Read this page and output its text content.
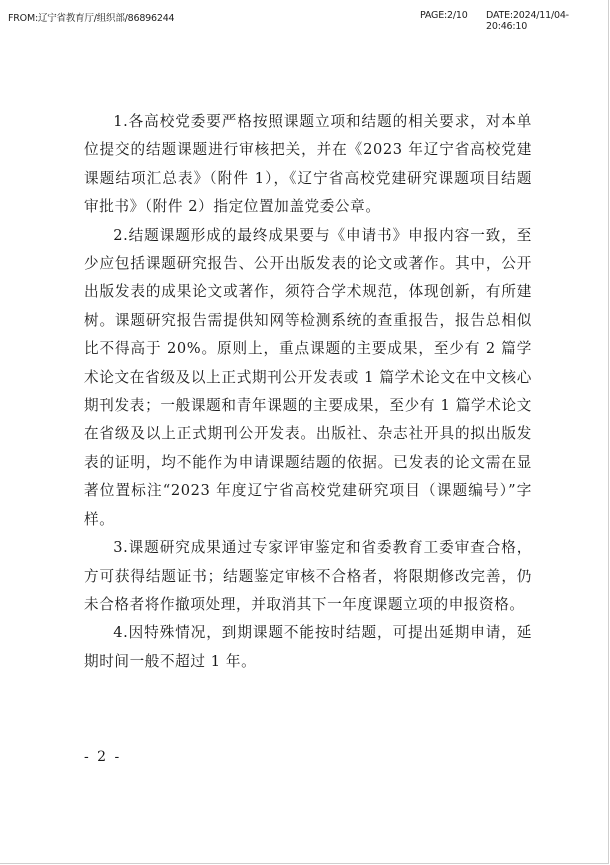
FROM:辽宁省教育厅/组织部/86896244	PAGE:2/10 DATE:2024/11/04-20:46:10

1.各高校党委要严格按照课题立项和结题的相关要求，对本单位提交的结题课题进行审核把关，并在《2023 年辽宁省高校党建课题结项汇总表》（附件 1），《辽宁省高校党建研究课题项目结题审批书》（附件 2）指定位置加盖党委公章。

2.结题课题形成的最终成果要与《申请书》申报内容一致，至少应包括课题研究报告、公开出版发表的论文或著作。其中，公开出版发表的成果论文或著作，须符合学术规范，体现创新，有所建树。课题研究报告需提供知网等检测系统的查重报告，报告总相似比不得高于 20%。原则上，重点课题的主要成果，至少有 2 篇学术论文在省级及以上正式期刊公开发表或 1 篇学术论文在中文核心期刊发表；一般课题和青年课题的主要成果，至少有 1 篇学术论文在省级及以上正式期刊公开发表。出版社、杂志社开具的拟出版发表的证明，均不能作为申请课题结题的依据。已发表的论文需在显著位置标注“2023 年度辽宁省高校党建研究项目（课题编号）”字样。

3.课题研究成果通过专家评审鉴定和省委教育工委审查合格，方可获得结题证书；结题鉴定审核不合格者，将限期修改完善，仍未合格者将作撤项处理，并取消其下一年度课题立项的申报资格。

4.因特殊情况，到期课题不能按时结题，可提出延期申请，延期时间一般不超过 1 年。

- 2 -
